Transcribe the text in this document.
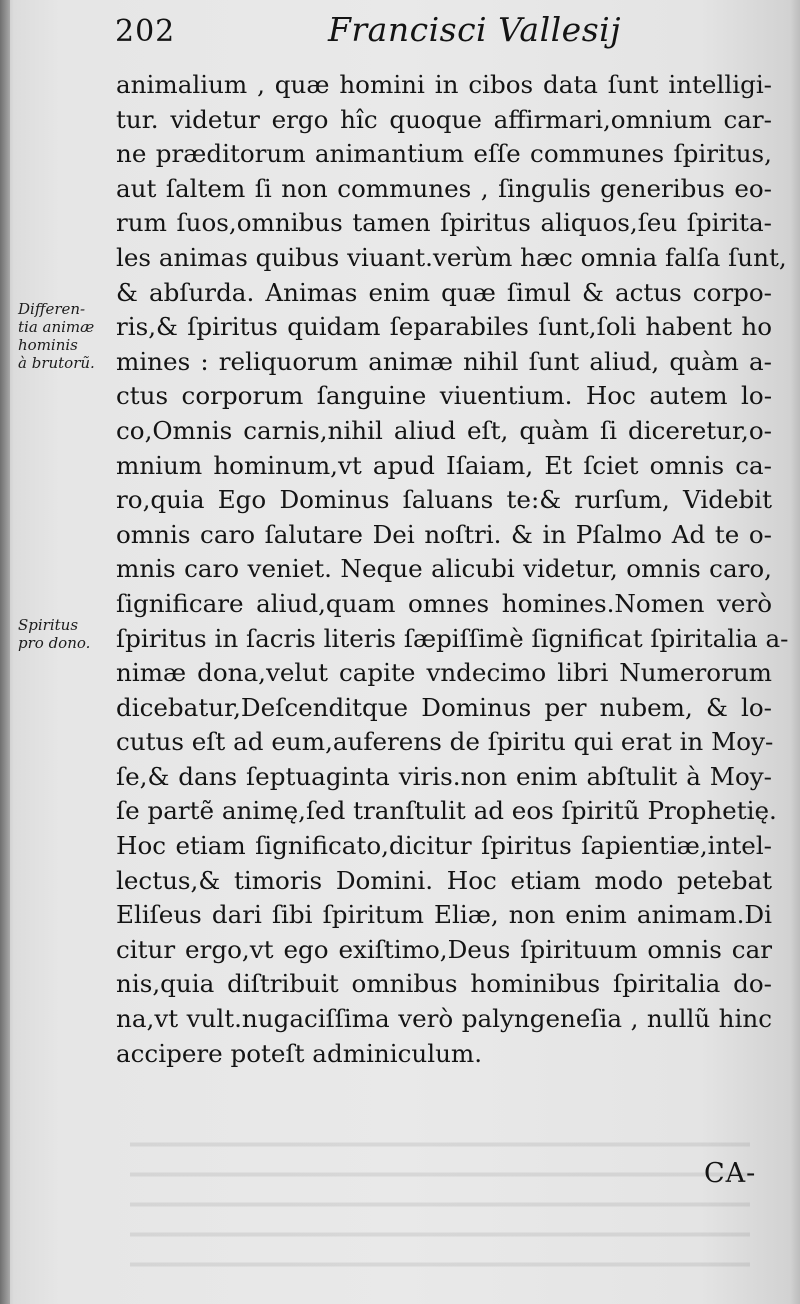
202	Francisci Vallesij
Differen-
tia animæ
hominis
à brutorũ.
Spiritus
pro dono.
animalium , quæ homini in cibos data ſunt intelligi-
tur. videtur ergo hîc quoque affirmari,omnium car-
ne præditorum animantium eſſe communes ſpiritus,
aut ſaltem ſi non communes , ſingulis generibus eo-
rum ſuos,omnibus tamen ſpiritus aliquos,ſeu ſpirita-
les animas quibus viuant.verùm hæc omnia falſa ſunt,
& abſurda. Animas enim quæ ſimul & actus corpo-
ris,& ſpiritus quidam ſeparabiles ſunt,ſoli habent ho
mines : reliquorum animæ nihil ſunt aliud, quàm a-
ctus corporum ſanguine viuentium. Hoc autem lo-
co,Omnis carnis,nihil aliud eſt, quàm ſi diceretur,o-
mnium hominum,vt apud Iſaiam, Et ſciet omnis ca-
ro,quia Ego Dominus ſaluans te:& rurſum, Videbit
omnis caro ſalutare Dei noſtri. & in Pſalmo Ad te o-
mnis caro veniet. Neque alicubi videtur, omnis caro,
ſignificare aliud,quam omnes homines.Nomen verò
ſpiritus in ſacris literis ſæpiſſimè ſignificat ſpiritalia a-
nimæ dona,velut capite vndecimo libri Numerorum
dicebatur,Deſcenditque Dominus per nubem, & lo-
cutus eſt ad eum,auferens de ſpiritu qui erat in Moy-
ſe,& dans ſeptuaginta viris.non enim abſtulit à Moy-
ſe partẽ animę,ſed tranſtulit ad eos ſpiritũ Prophetię.
Hoc etiam ſignificato,dicitur ſpiritus ſapientiæ,intel-
lectus,& timoris Domini. Hoc etiam modo petebat
Eliſeus dari ſibi ſpiritum Eliæ, non enim animam.Di
citur ergo,vt ego exiſtimo,Deus ſpirituum omnis car
nis,quia diſtribuit omnibus hominibus ſpiritalia do-
na,vt vult.nugaciſſima verò palyngeneſia , nullũ hinc
accipere poteſt adminiculum.
CA-
